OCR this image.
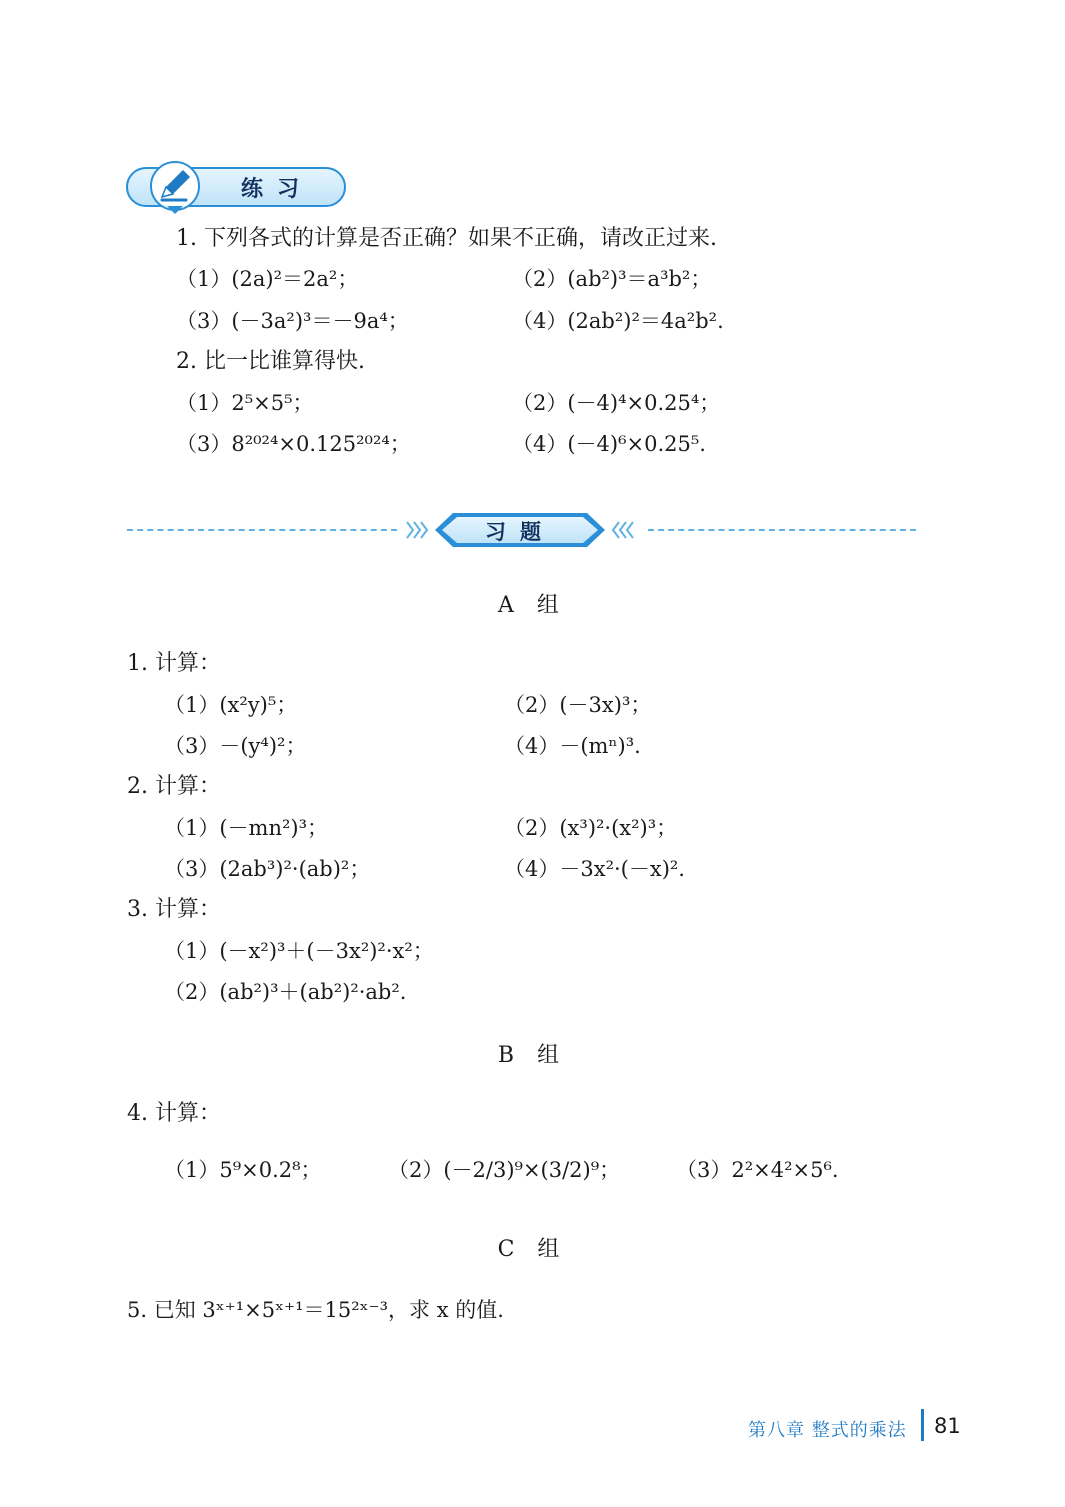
练习
1. 下列各式的计算是否正确？如果不正确，请改正过来.
（1）(2a)²＝2a²；	（2）(ab²)³＝a³b²；
（3）(－3a²)³＝－9a⁴；	（4）(2ab²)²＝4a²b².
2. 比一比谁算得快.
（1）2⁵×5⁵；	（2）(－4)⁴×0.25⁴；
（3）8²⁰²⁴×0.125²⁰²⁴；	（4）(－4)⁶×0.25⁵.
习题
A 组
1. 计算：
（1）(x²y)⁵；	（2）(－3x)³；
（3）－(y⁴)²；	（4）－(mⁿ)³.
2. 计算：
（1）(－mn²)³；	（2）(x³)²·(x²)³；
（3）(2ab³)²·(ab)²；	（4）－3x²·(－x)².
3. 计算：
（1）(－x²)³＋(－3x²)²·x²；
（2）(ab²)³＋(ab²)²·ab².
B 组
4. 计算：
（1）5⁹×0.2⁸；	（2）(－2/3)⁹×(3/2)⁹；	（3）2²×4²×5⁶.
C 组
5. 已知 3ˣ⁺¹×5ˣ⁺¹＝15²ˣ⁻³，求 x 的值.
第八章 整式的乘法 81
